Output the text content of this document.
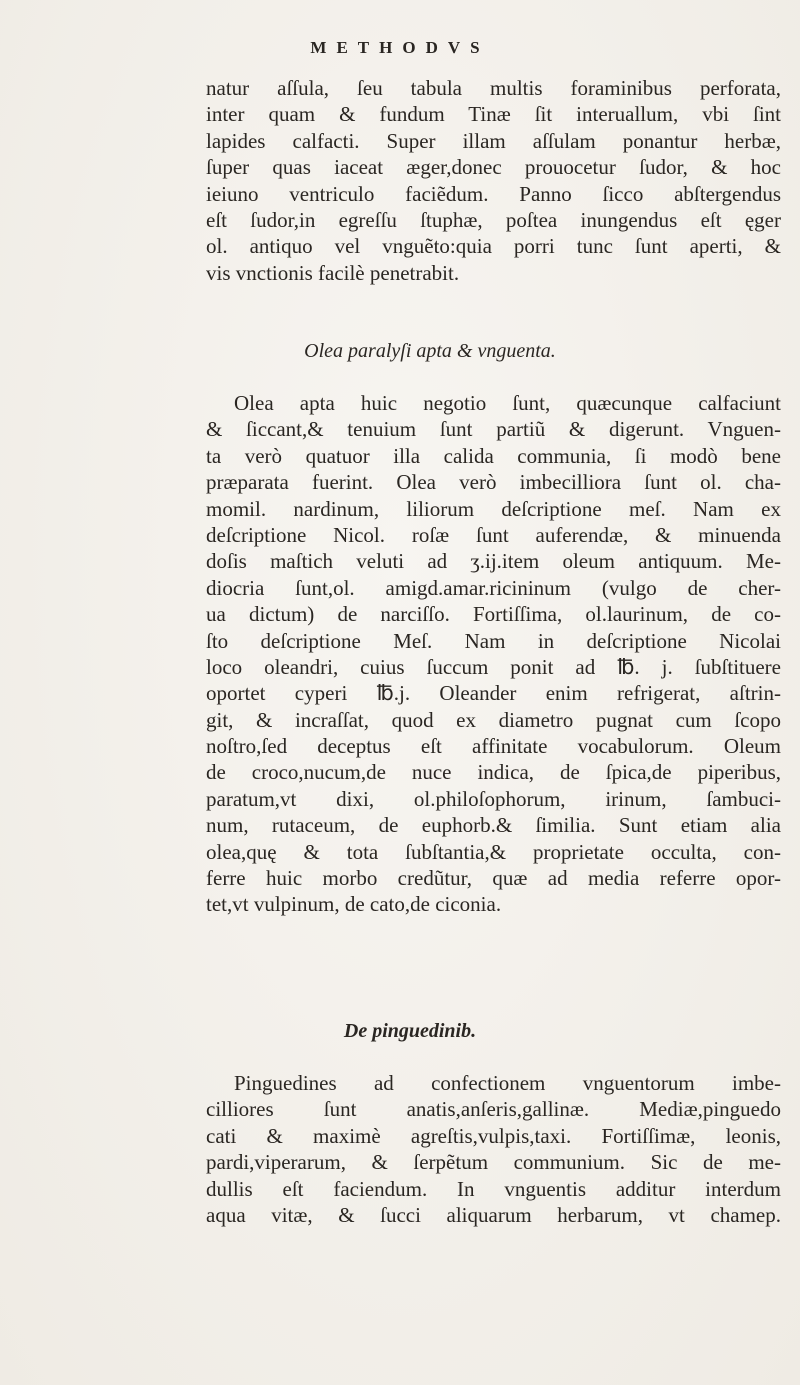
METHODVS
natur aſſula, ſeu tabula multis foraminibus perforata,
inter quam & fundum Tinæ ſit interuallum, vbi ſint
lapides calfacti. Super illam aſſulam ponantur herbæ,
ſuper quas iaceat æger,donec prouocetur ſudor, & hoc
ieiuno ventriculo faciẽdum. Panno ſicco abſtergendus
eſt ſudor,in egreſſu ſtuphæ, poſtea inungendus eſt ęger
ol. antiquo vel vnguẽto:quia porri tunc ſunt aperti, &
vis vnctionis facilè penetrabit.
Olea paralyſi apta & vnguenta.
Olea apta huic negotio ſunt, quæcunque calfaciunt
& ſiccant,& tenuium ſunt partiũ & digerunt. Vnguen-
ta verò quatuor illa calida communia, ſi modò bene
præparata fuerint. Olea verò imbecilliora ſunt ol. cha-
momil. nardinum, liliorum deſcriptione meſ. Nam ex
deſcriptione Nicol. roſæ ſunt auferendæ, & minuenda
doſis maſtich veluti ad ʒ.ij.item oleum antiquum. Me-
diocria ſunt,ol. amigd.amar.ricininum (vulgo de cher-
ua dictum) de narciſſo. Fortiſſima, ol.laurinum, de co-
ſto deſcriptione Meſ. Nam in deſcriptione Nicolai
loco oleandri, cuius ſuccum ponit ad ℔. j. ſubſtituere
oportet cyperi ℔.j. Oleander enim refrigerat, aſtrin-
git, & incraſſat, quod ex diametro pugnat cum ſcopo
noſtro,ſed deceptus eſt affinitate vocabulorum. Oleum
de croco,nucum,de nuce indica, de ſpica,de piperibus,
paratum,vt dixi, ol.philoſophorum, irinum, ſambuci-
num, rutaceum, de euphorb.& ſimilia. Sunt etiam alia
olea,quę & tota ſubſtantia,& proprietate occulta, con-
ferre huic morbo credũtur, quæ ad media referre opor-
tet,vt vulpinum, de cato,de ciconia.
De pinguedinib.
Pinguedines ad confectionem vnguentorum imbe-
cilliores ſunt anatis,anſeris,gallinæ. Mediæ,pinguedo
cati & maximè agreſtis,vulpis,taxi. Fortiſſimæ, leonis,
pardi,viperarum, & ſerpẽtum communium. Sic de me-
dullis eſt faciendum. In vnguentis additur interdum
aqua vitæ, & ſucci aliquarum herbarum, vt chamep.
